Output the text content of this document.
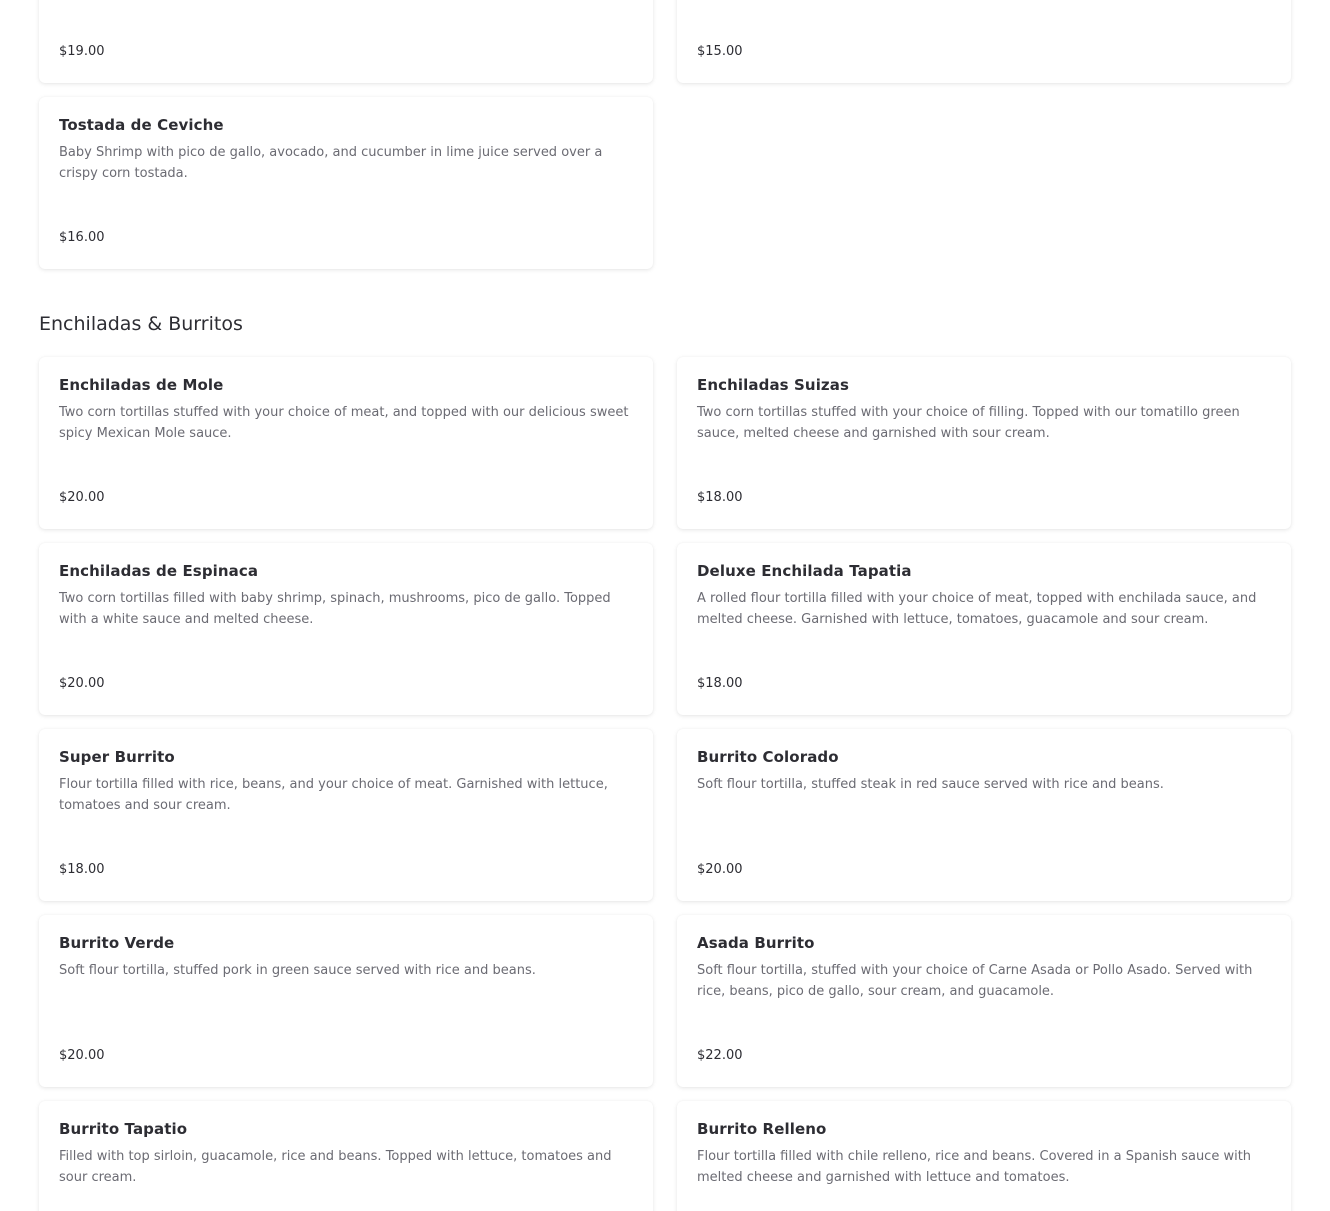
$19.00	$15.00
Tostada de Ceviche
Baby Shrimp with pico de gallo, avocado, and cucumber in lime juice served over a crispy corn tostada.
$16.00
Enchiladas & Burritos
Enchiladas de Mole
Two corn tortillas stuffed with your choice of meat, and topped with our delicious sweet spicy Mexican Mole sauce.
$20.00
Enchiladas Suizas
Two corn tortillas stuffed with your choice of filling. Topped with our tomatillo green sauce, melted cheese and garnished with sour cream.
$18.00
Enchiladas de Espinaca
Two corn tortillas filled with baby shrimp, spinach, mushrooms, pico de gallo. Topped with a white sauce and melted cheese.
$20.00
Deluxe Enchilada Tapatia
A rolled flour tortilla filled with your choice of meat, topped with enchilada sauce, and melted cheese. Garnished with lettuce, tomatoes, guacamole and sour cream.
$18.00
Super Burrito
Flour tortilla filled with rice, beans, and your choice of meat. Garnished with lettuce, tomatoes and sour cream.
$18.00
Burrito Colorado
Soft flour tortilla, stuffed steak in red sauce served with rice and beans.
$20.00
Burrito Verde
Soft flour tortilla, stuffed pork in green sauce served with rice and beans.
$20.00
Asada Burrito
Soft flour tortilla, stuffed with your choice of Carne Asada or Pollo Asado. Served with rice, beans, pico de gallo, sour cream, and guacamole.
$22.00
Burrito Tapatio
Filled with top sirloin, guacamole, rice and beans. Topped with lettuce, tomatoes and sour cream.
Burrito Relleno
Flour tortilla filled with chile relleno, rice and beans. Covered in a Spanish sauce with melted cheese and garnished with lettuce and tomatoes.
